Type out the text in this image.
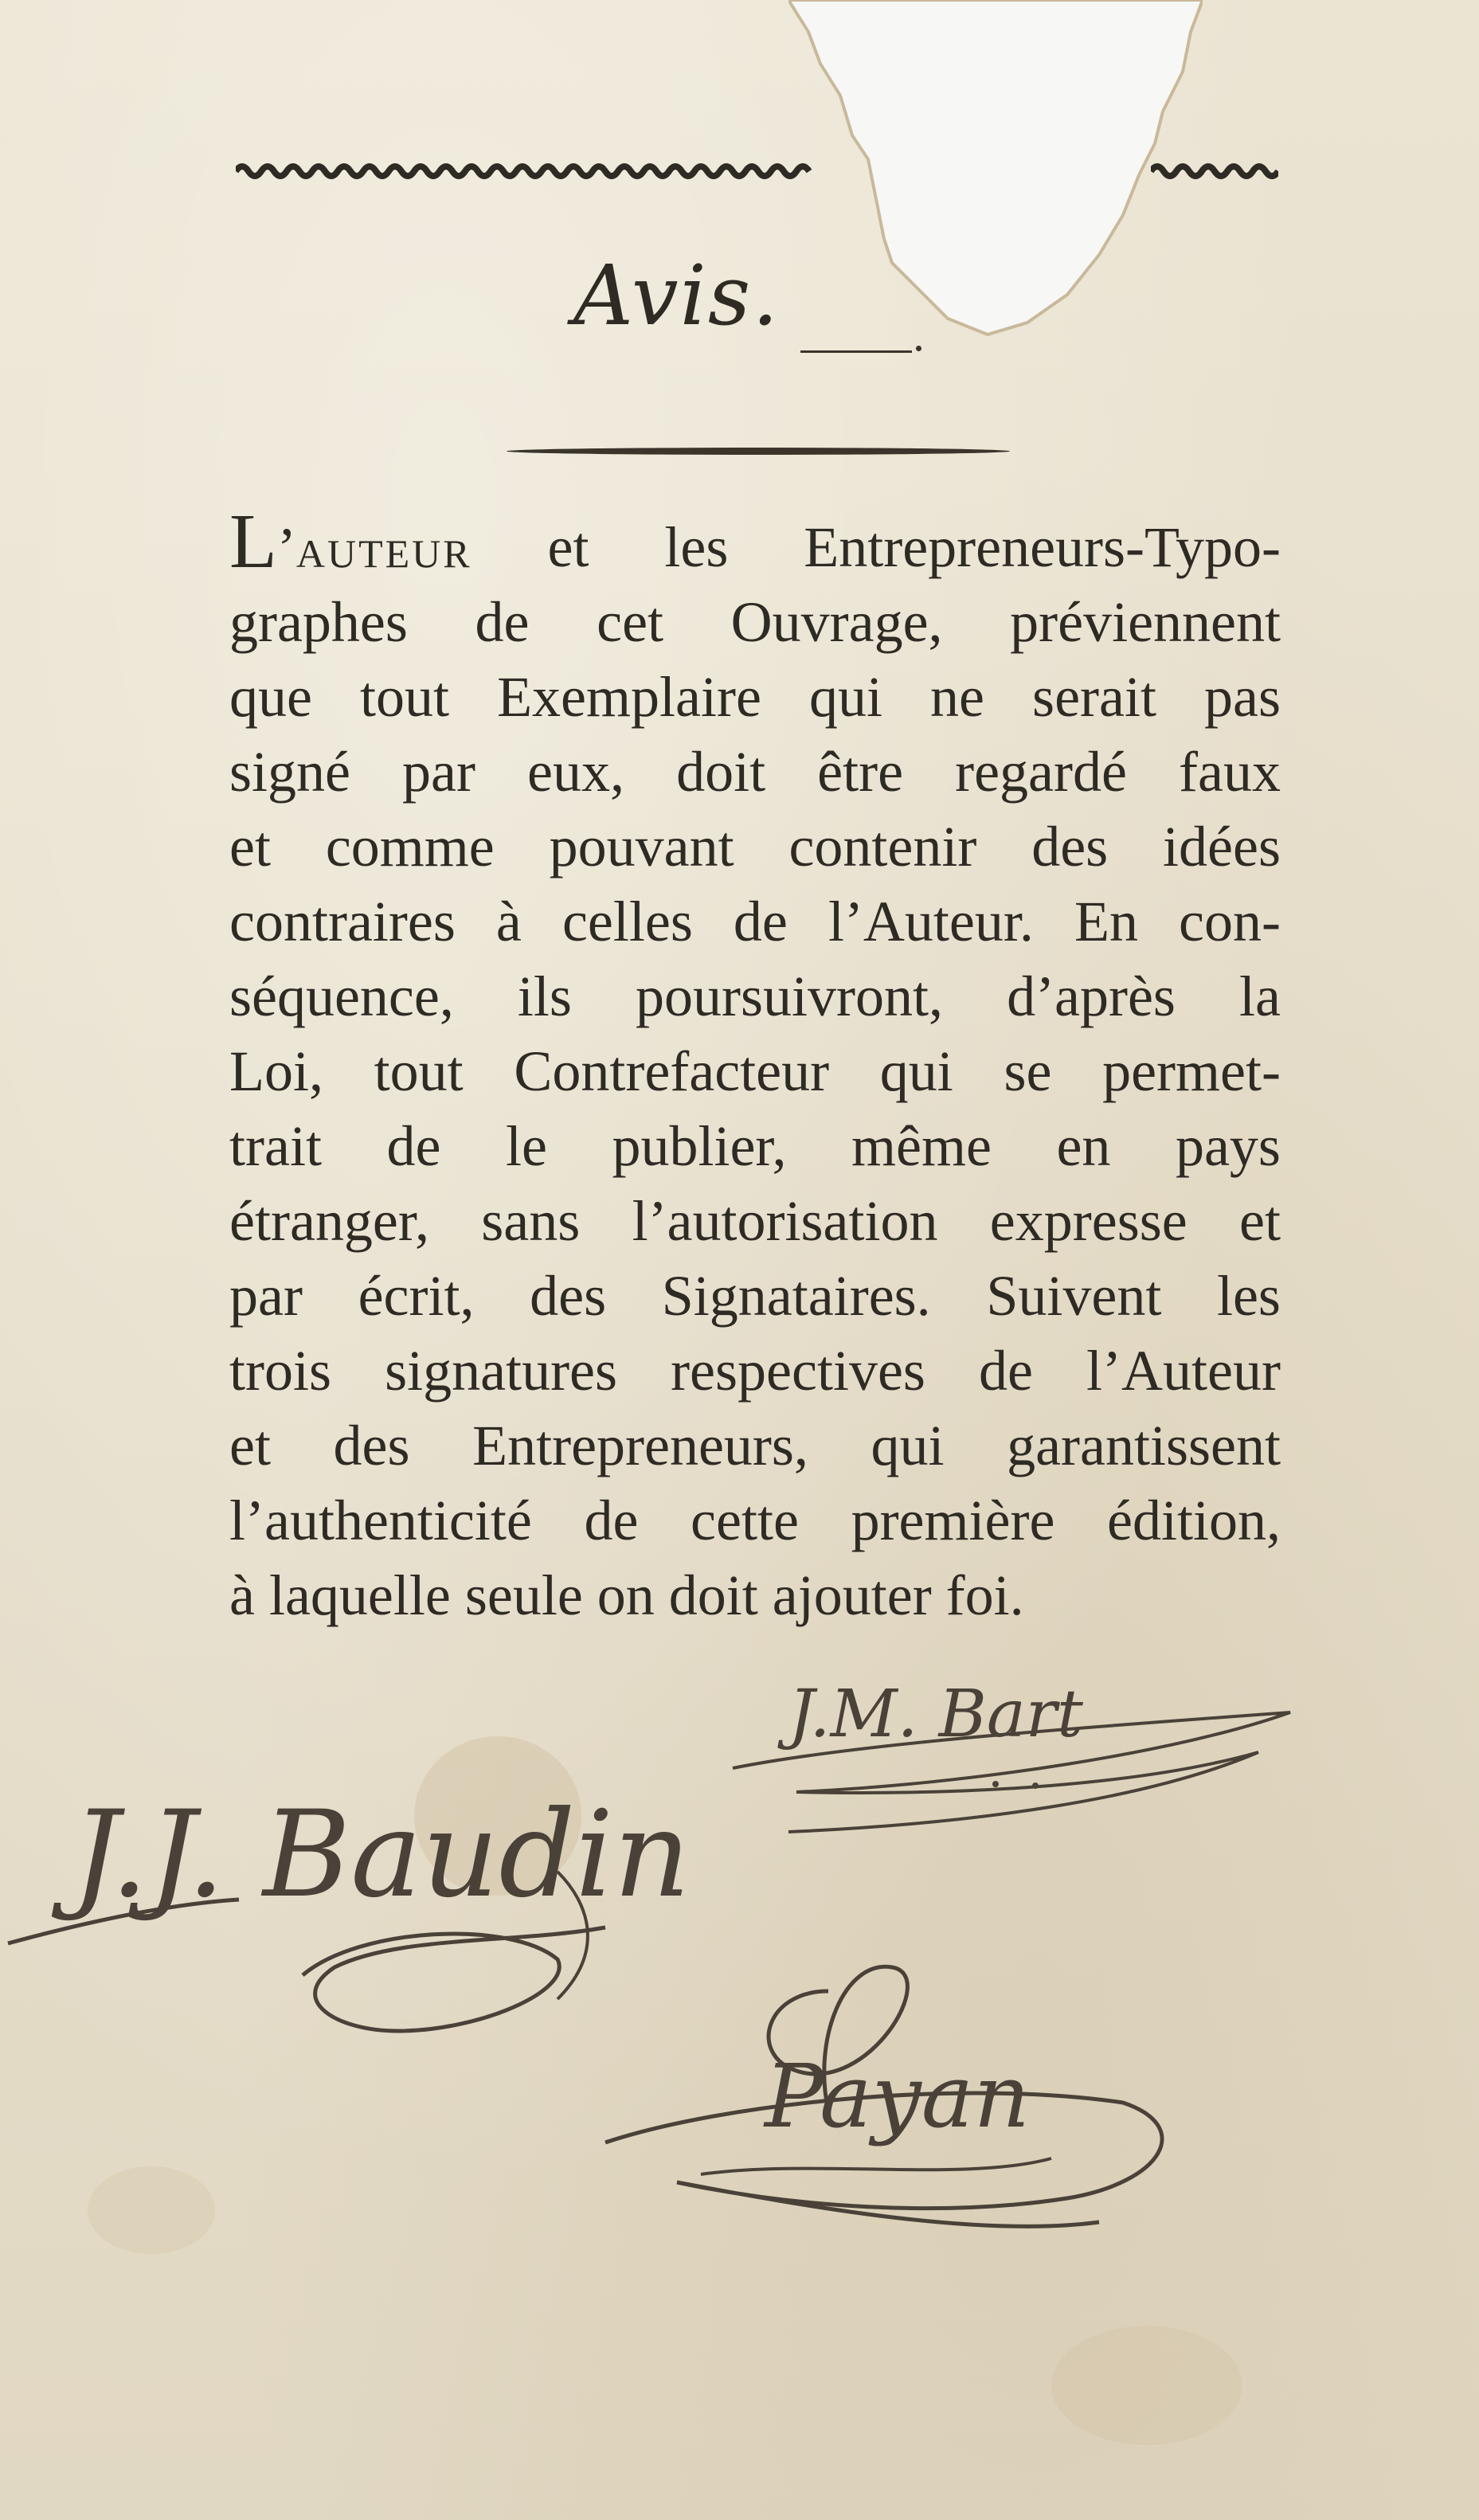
Avis.
L’AUTEUR et les Entrepreneurs-Typo-
graphes de cet Ouvrage, préviennent
que tout Exemplaire qui ne serait pas
signé par eux, doit être regardé faux
et comme pouvant contenir des idées
contraires à celles de l’Auteur. En con-
séquence, ils poursuivront, d’après la
Loi, tout Contrefacteur qui se permet-
trait de le publier, même en pays
étranger, sans l’autorisation expresse et
par écrit, des Signataires. Suivent les
trois signatures respectives de l’Auteur
et des Entrepreneurs, qui garantissent
l’authenticité de cette première édition,
à laquelle seule on doit ajouter foi.
J.M. Bart
J.J. Baudin
Payan
